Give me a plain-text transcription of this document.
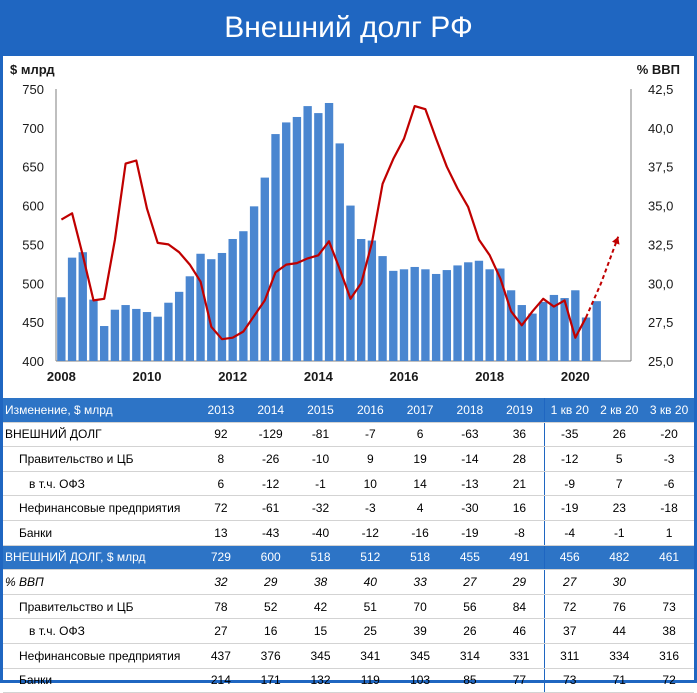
Внешний долг РФ
$ млрд	% ВВП
400
450
500
550
600
650
700
750
25,0
27,5
30,0
32,5
35,0
37,5
40,0
42,5
2008	2010	2012	2014	2016	2018	2020
Изменение, $ млрд	2013	2014	2015	2016	2017	2018	2019	1 кв 20	2 кв 20	3 кв 20
ВНЕШНИЙ ДОЛГ	92	-129	-81	-7	6	-63	36	-35	26	-20
Правительство и ЦБ	8	-26	-10	9	19	-14	28	-12	5	-3
в т.ч. ОФЗ	6	-12	-1	10	14	-13	21	-9	7	-6
Нефинансовые предприятия	72	-61	-32	-3	4	-30	16	-19	23	-18
Банки	13	-43	-40	-12	-16	-19	-8	-4	-1	1
ВНЕШНИЙ ДОЛГ, $ млрд	729	600	518	512	518	455	491	456	482	461
% ВВП	32	29	38	40	33	27	29	27	30	
Правительство и ЦБ	78	52	42	51	70	56	84	72	76	73
в т.ч. ОФЗ	27	16	15	25	39	26	46	37	44	38
Нефинансовые предприятия	437	376	345	341	345	314	331	311	334	316
Банки	214	171	132	119	103	85	77	73	71	72
